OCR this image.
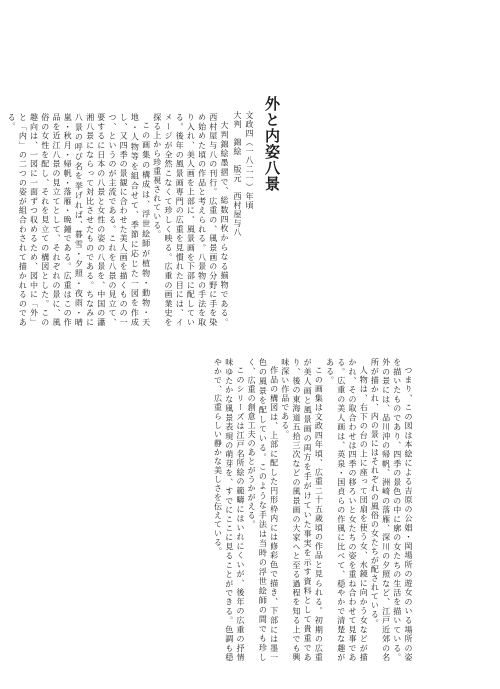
外と内姿八景
文政四（一八二一）年頃
大判　錦絵　版元　西村屋与八

大判錦絵墨摺で、総数四枚からなる揃物である。西村屋与八の刊行。広重の、風景画の分野に手を染め始めた頃の作品と考えられる。八景物の手法を取り入れ、美人画を上部に、風景画を下部に配している。後年の風景画専門の広重を見慣れた目には、イメージが全然こなくて珍しく映る。広重の画業史を探る上から珍重視されている。

この画集の構成は、浮世絵師が植物・動物・天地・人物等を組合せて、季節に応じた一図を作成し、又四季の景観に合わせた美人画を描くものの一つ、というのが主流である。これを八景の見立て、要するに日本の八景と女性の姿の八景を、中国の瀟湘八景にならって対比させたものである。ちなみに八景の呼び名を挙げれば、暮雪・夕照・夜雨・晴嵐・秋月・帰帆・落雁・晩鐘である。広重はこの作品を近江八景の見立てとして、それぞれの景に、風俗の女性を配し、それを見立ての構図とした。この趣向は、一図に一面ずつ収めるため、図中に「外」と「内」の二つの姿が組合わされて描かれるのである。

つまり、この図は本絵による吉原の公娼・岡場所の遊女のいる場所の姿を描いたものであり、四季の景色の中に廓の女たちの生活を描いている。外の景には、品川沖の帰帆、洲崎の落雁、深川の夕照など、江戸近郊の名所が描かれ、内の景にはそれぞれの風俗の女たちが配されている。

人物は、右下の台の上に座って団扇を使う女、水鏡に向かう女などが描かれ、その取合わせは四季の移ろいと女たちの姿を重ね合わせて見事である。広重の美人画は、英泉・国貞らの作風に比べて、穏やかで清楚な趣がある。

この画集は文政四年頃、広重二十五歳頃の作品と見られる。初期の広重が美人画と風景画の両方を手がけていた事実を示す資料として貴重であり、後の東海道五拾三次などの風景画の大家へと至る過程を知る上でも興味深い作品である。

作品の構図は、上部に配した円形枠内には修彩色で描き、下部には墨一色の風景を配している。このような手法は当時の浮世絵師の間でも珍しく、広重の創意工夫のあとがうかがえる。

このシリーズは江戸名所絵の範疇にはいれにくいが、後年の広重の抒情味ゆたかな風景表現の萌芽を、すでにここに見ることができる。色調も穏やかで、広重らしい静かな美しさを伝えている。
